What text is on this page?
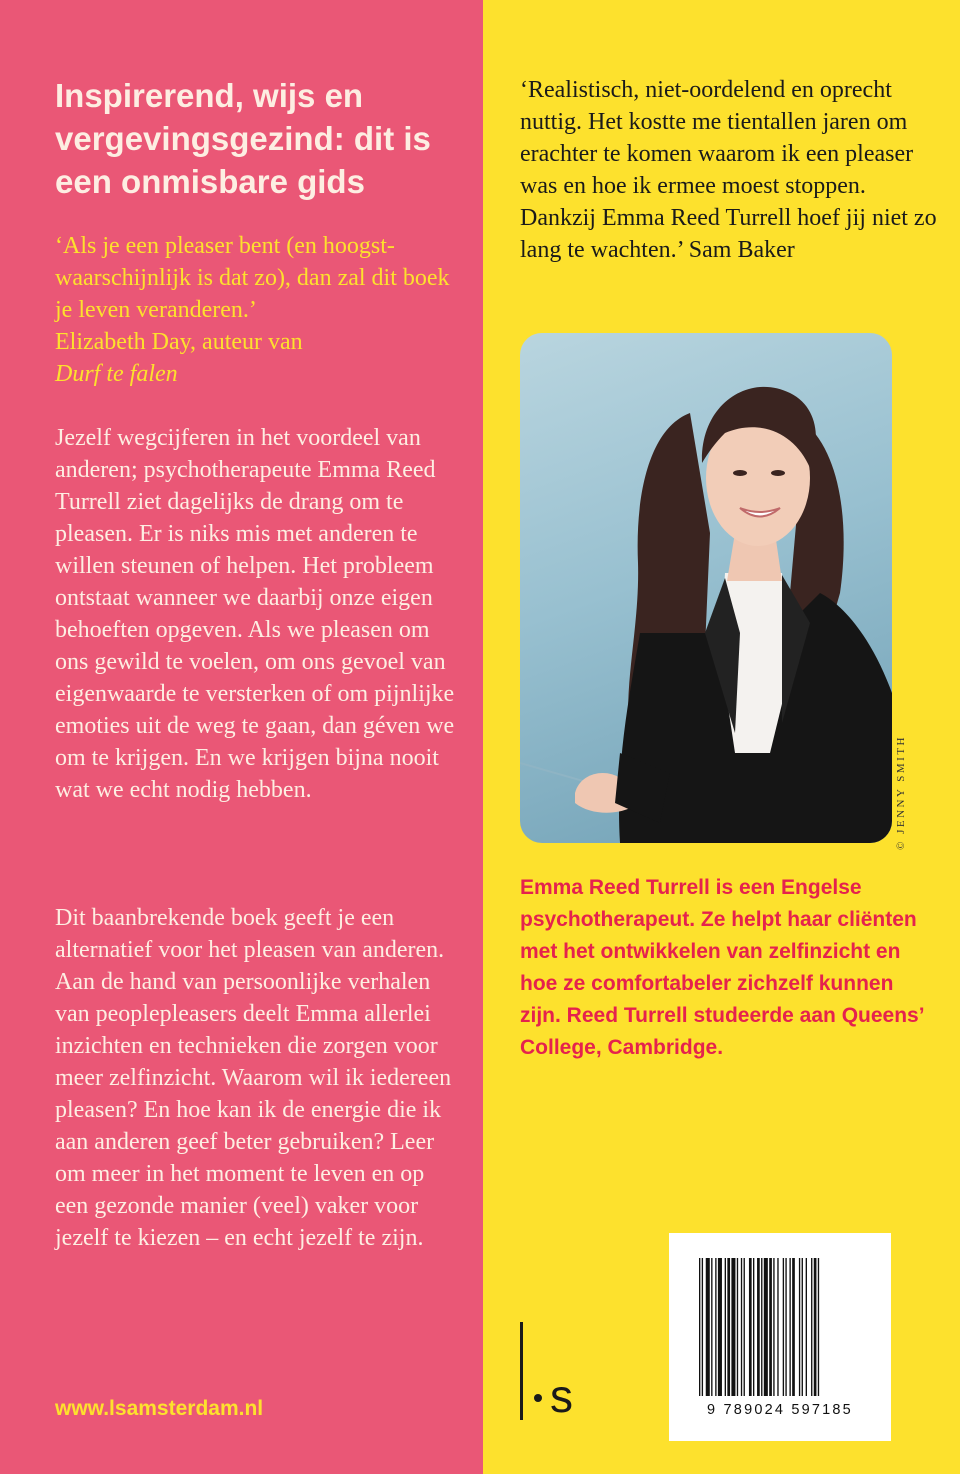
Inspirerend, wijs en vergevingsgezind: dit is een onmisbare gids

‘Als je een pleaser bent (en hoogstwaarschijnlijk is dat zo), dan zal dit boek je leven veranderen.’

Elizabeth Day, auteur van

Durf te falen

Jezelf wegcijferen in het voordeel van anderen; psychotherapeute Emma Reed Turrell ziet dagelijks de drang om te pleasen. Er is niks mis met anderen te willen steunen of helpen. Het probleem ontstaat wanneer we daarbij onze eigen behoeften opgeven. Als we pleasen om ons gewild te voelen, om ons gevoel van eigenwaarde te versterken of om pijnlijke emoties uit de weg te gaan, dan géven we om te krijgen. En we krijgen bijna nooit wat we echt nodig hebben.

Dit baanbrekende boek geeft je een alternatief voor het pleasen van anderen. Aan de hand van persoonlijke verhalen van peoplepleasers deelt Emma allerlei inzichten en technieken die zorgen voor meer zelfinzicht. Waarom wil ik iedereen pleasen? En hoe kan ik de energie die ik aan anderen geef beter gebruiken? Leer om meer in het moment te leven en op een gezonde manier (veel) vaker voor jezelf te kiezen – en echt jezelf te zijn.

www.lsamsterdam.nl

‘Realistisch, niet-oordelend en oprecht nuttig. Het kostte me tientallen jaren om erachter te komen waarom ik een pleaser was en hoe ik ermee moest stoppen. Dankzij Emma Reed Turrell hoef jij niet zo lang te wachten.’ Sam Baker

© JENNY SMITH

Emma Reed Turrell is een Engelse psychotherapeut. Ze helpt haar cliënten met het ontwikkelen van zelfinzicht en hoe ze comfortabeler zichzelf kunnen zijn. Reed Turrell studeerde aan Queens’ College, Cambridge.

s	9 789024 597185
